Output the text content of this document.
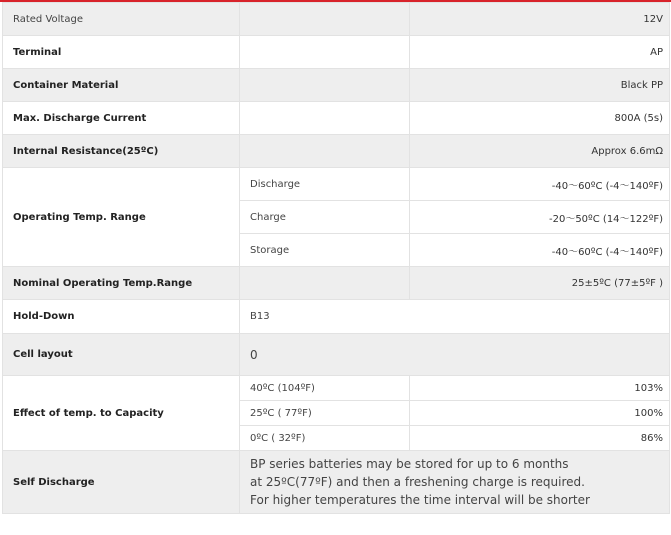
Rated Voltage		12V
Terminal		AP
Container Material		Black PP
Max. Discharge Current		800A (5s)
Internal Resistance(25ºC)		Approx 6.6mΩ
Operating Temp. Range	Discharge	-40～60ºC (-4～140ºF)
	Charge	-20～50ºC (14～122ºF)
	Storage	-40～60ºC (-4～140ºF)
Nominal Operating Temp.Range		25±5ºC (77±5ºF )
Hold-Down	B13	
Cell layout	0	
Effect of temp. to Capacity	40ºC (104ºF)	103%
	25ºC ( 77ºF)	100%
	0ºC ( 32ºF)	86%
Self Discharge	BP series batteries may be stored for up to 6 months
at 25ºC(77ºF) and then a freshening charge is required.
For higher temperatures the time interval will be shorter	
